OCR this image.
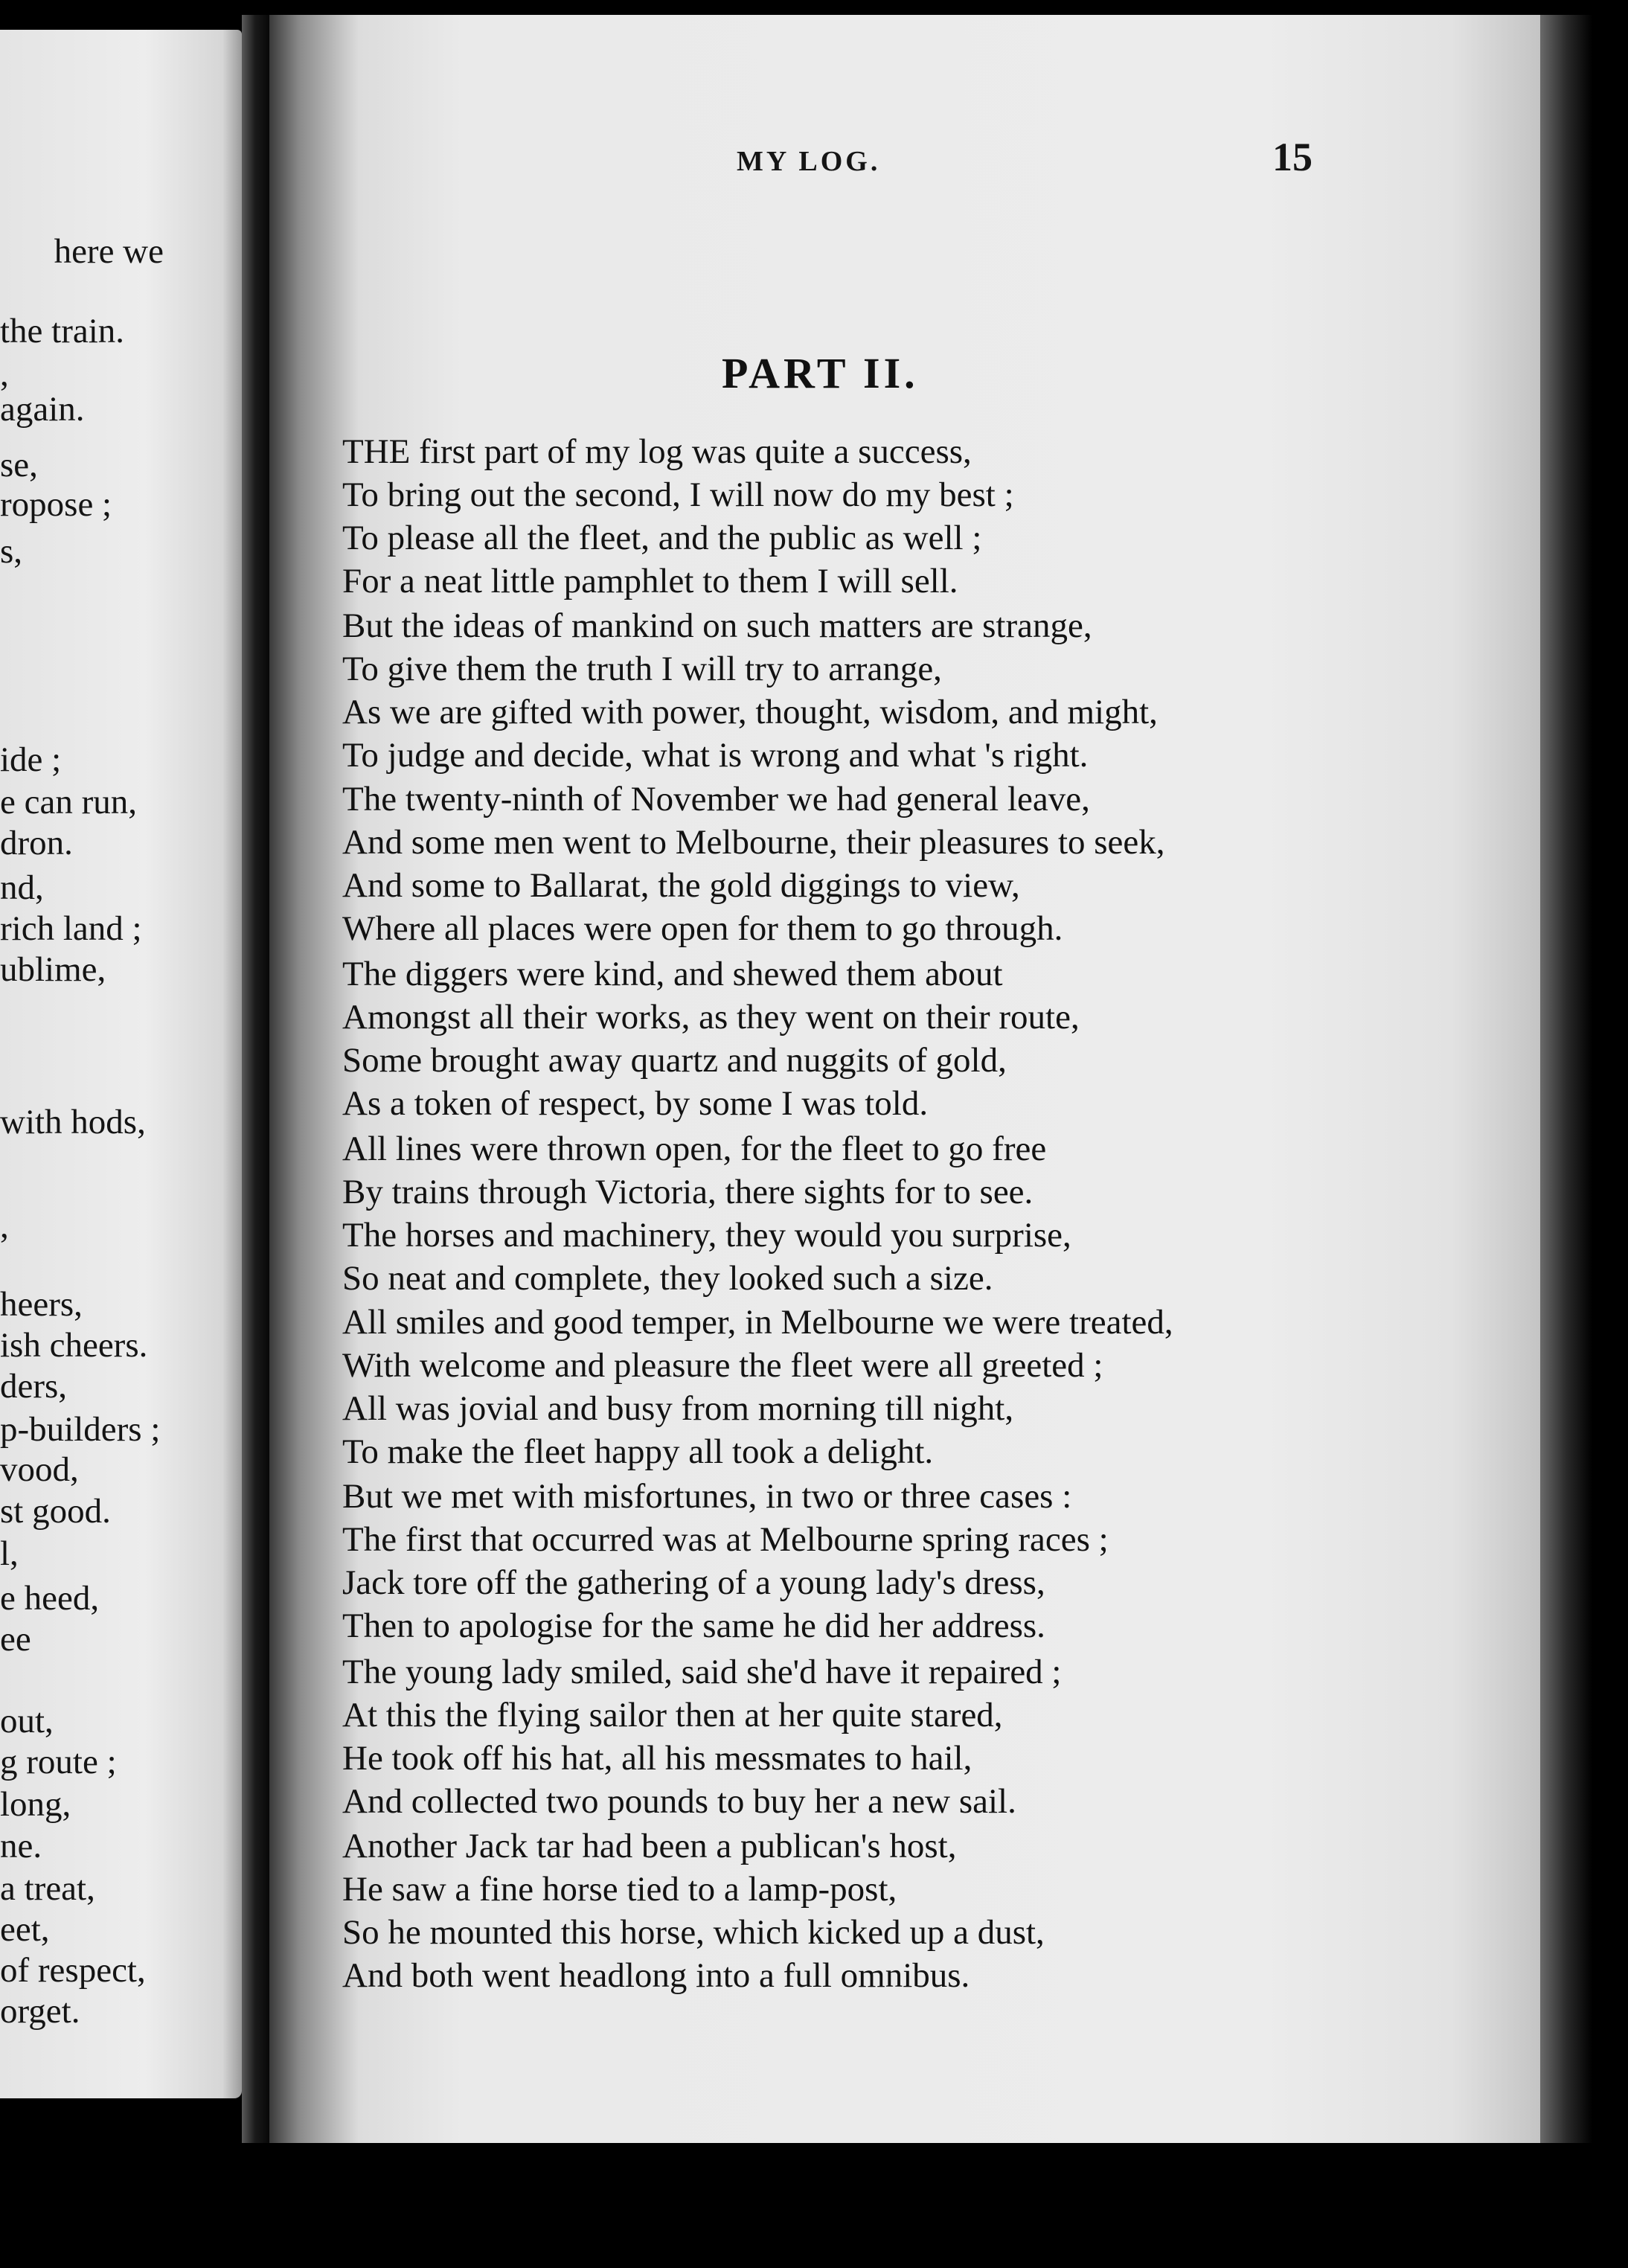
here we
the train.
,
again.
se,
ropose ;
s,
ide ;
e can run,
dron.
nd,
rich land ;
ublime,
with hods,
,
heers,
ish cheers.
ders,
p-builders ;
vood,
st good.
l,
e heed,
ee
out,
g route ;
long,
ne.
a treat,
eet,
of respect,
orget.
MY LOG.	15
PART II.
THE first part of my log was quite a success,
To bring out the second, I will now do my best ;
To please all the fleet, and the public as well ;
For a neat little pamphlet to them I will sell.
But the ideas of mankind on such matters are strange,
To give them the truth I will try to arrange,
As we are gifted with power, thought, wisdom, and might,
To judge and decide, what is wrong and what 's right.
The twenty-ninth of November we had general leave,
And some men went to Melbourne, their pleasures to seek,
And some to Ballarat, the gold diggings to view,
Where all places were open for them to go through.
The diggers were kind, and shewed them about
Amongst all their works, as they went on their route,
Some brought away quartz and nuggits of gold,
As a token of respect, by some I was told.
All lines were thrown open, for the fleet to go free
By trains through Victoria, there sights for to see.
The horses and machinery, they would you surprise,
So neat and complete, they looked such a size.
All smiles and good temper, in Melbourne we were treated,
With welcome and pleasure the fleet were all greeted ;
All was jovial and busy from morning till night,
To make the fleet happy all took a delight.
But we met with misfortunes, in two or three cases :
The first that occurred was at Melbourne spring races ;
Jack tore off the gathering of a young lady's dress,
Then to apologise for the same he did her address.
The young lady smiled, said she'd have it repaired ;
At this the flying sailor then at her quite stared,
He took off his hat, all his messmates to hail,
And collected two pounds to buy her a new sail.
Another Jack tar had been a publican's host,
He saw a fine horse tied to a lamp-post,
So he mounted this horse, which kicked up a dust,
And both went headlong into a full omnibus.
